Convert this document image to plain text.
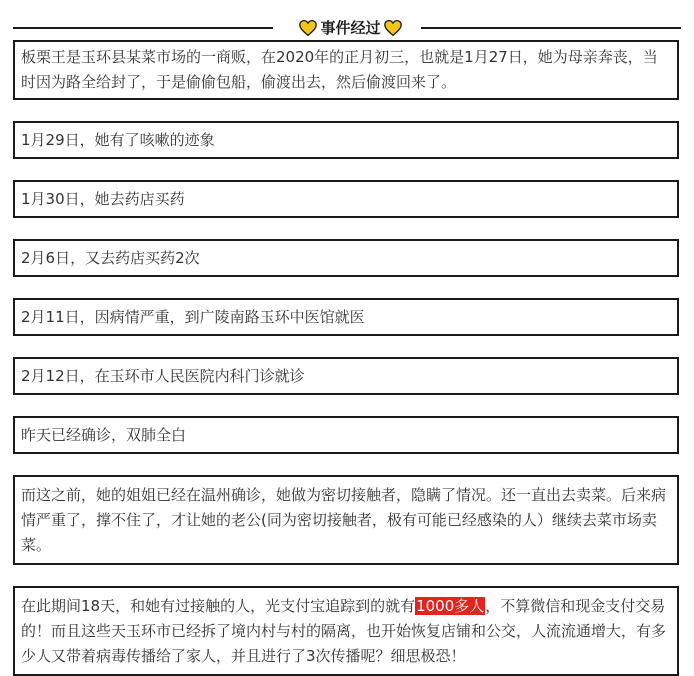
事件经过

板栗王是玉环县某菜市场的一商贩，在2020年的正月初三，也就是1月27日，她为母亲奔丧，当时因为路全给封了，于是偷偷包船，偷渡出去，然后偷渡回来了。

1月29日，她有了咳嗽的迹象

1月30日，她去药店买药

2月6日，又去药店买药2次

2月11日，因病情严重，到广陵南路玉环中医馆就医

2月12日，在玉环市人民医院内科门诊就诊

昨天已经确诊，双肺全白

而这之前，她的姐姐已经在温州确诊，她做为密切接触者，隐瞒了情况。还一直出去卖菜。后来病情严重了，撑不住了，才让她的老公(同为密切接触者，极有可能已经感染的人）继续去菜市场卖菜。

在此期间18天，和她有过接触的人，光支付宝追踪到的就有1000多人，不算微信和现金支付交易的！而且这些天玉环市已经拆了境内村与村的隔离，也开始恢复店铺和公交，人流流通增大，有多少人又带着病毒传播给了家人，并且进行了3次传播呢？细思极恐！
